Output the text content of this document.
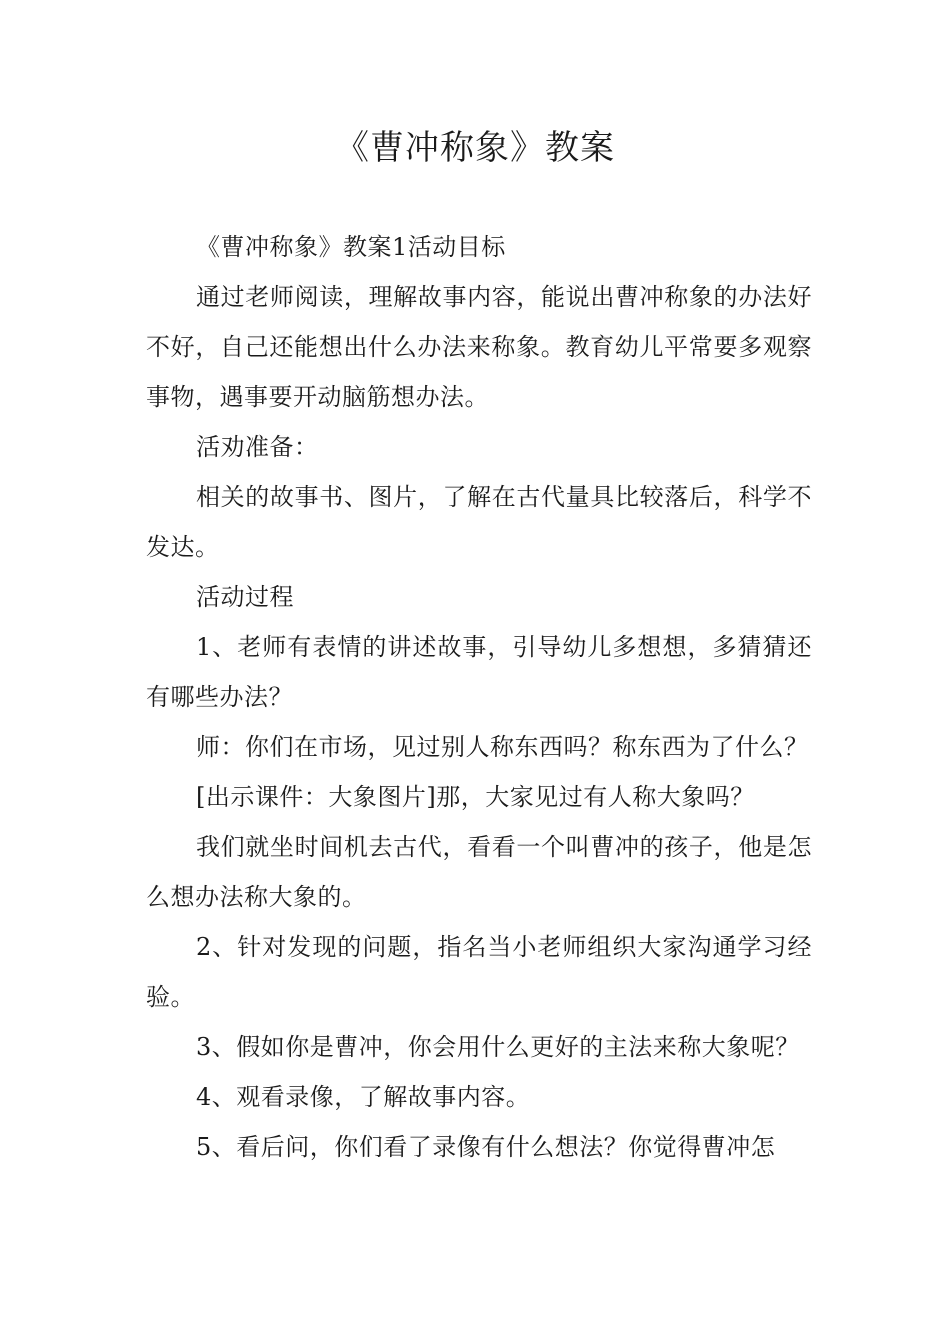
《曹冲称象》教案

《曹冲称象》教案1活动目标

通过老师阅读，理解故事内容，能说出曹冲称象的办法好不好，自己还能想出什么办法来称象。教育幼儿平常要多观察事物，遇事要开动脑筋想办法。

活劝准备：

相关的故事书、图片，了解在古代量具比较落后，科学不发达。

活动过程

1、老师有表情的讲述故事，引导幼儿多想想，多猜猜还有哪些办法？

师：你们在市场，见过别人称东西吗？称东西为了什么？

[出示课件：大象图片]那，大家见过有人称大象吗？

我们就坐时间机去古代，看看一个叫曹冲的孩子，他是怎么想办法称大象的。

2、针对发现的问题，指名当小老师组织大家沟通学习经验。

3、假如你是曹冲，你会用什么更好的主法来称大象呢？

4、观看录像，了解故事内容。

5、看后问，你们看了录像有什么想法？你觉得曹冲怎
